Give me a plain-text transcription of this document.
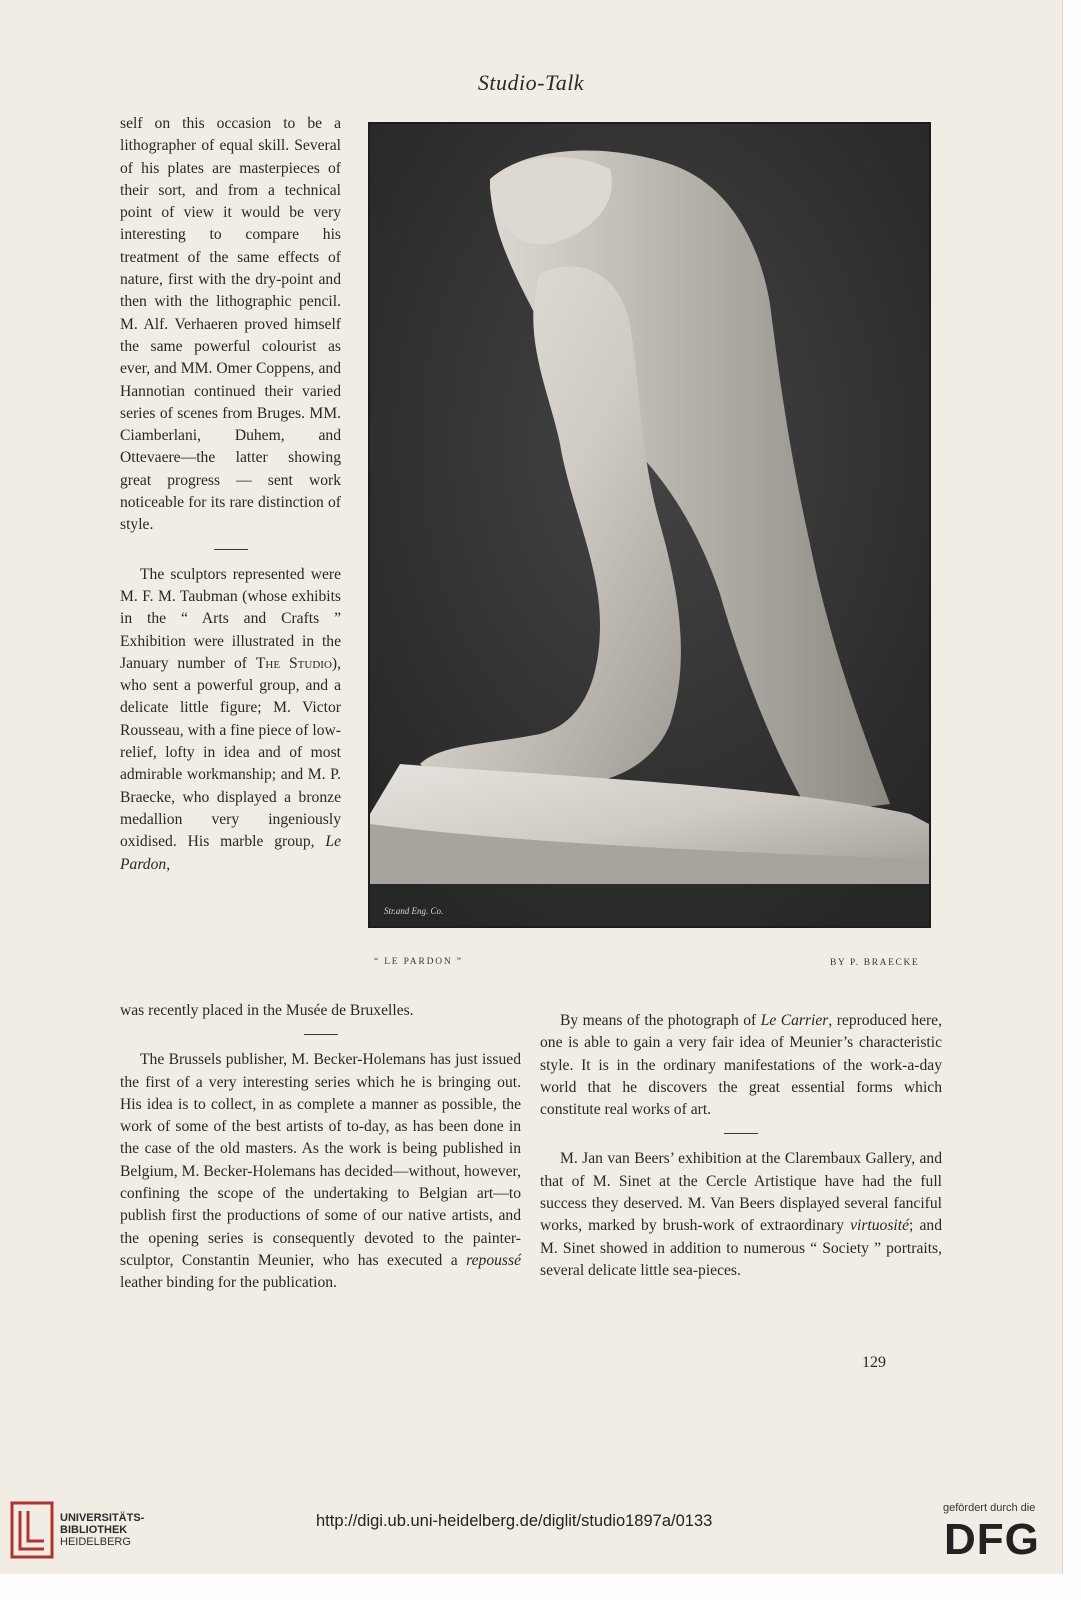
Studio-Talk

self on this occasion to be a lithographer of equal skill. Several of his plates are masterpieces of their sort, and from a technical point of view it would be very interesting to compare his treatment of the same effects of nature, first with the dry-point and then with the lithographic pencil. M. Alf. Verhaeren proved himself the same powerful colourist as ever, and MM. Omer Coppens, and Hannotian continued their varied series of scenes from Bruges. MM. Ciamberlani, Duhem, and Ottevaere—the latter showing great progress — sent work noticeable for its rare distinction of style.

The sculptors represented were M. F. M. Taubman (whose exhibits in the “ Arts and Crafts ” Exhibition were illustrated in the January number of The Studio), who sent a powerful group, and a delicate little figure; M. Victor Rousseau, with a fine piece of low-relief, lofty in idea and of most admirable workmanship; and M. P. Braecke, who displayed a bronze medallion very ingeniously oxidised. His marble group, Le Pardon,

Str.and Eng. Co.
“ LE PARDON ”	BY P. BRAECKE

was recently placed in the Musée de Bruxelles.

The Brussels publisher, M. Becker-Holemans has just issued the first of a very interesting series which he is bringing out. His idea is to collect, in as complete a manner as possible, the work of some of the best artists of to-day, as has been done in the case of the old masters. As the work is being published in Belgium, M. Becker-Holemans has decided—without, however, confining the scope of the undertaking to Belgian art—to publish first the productions of some of our native artists, and the opening series is consequently devoted to the painter-sculptor, Constantin Meunier, who has executed a repoussé leather binding for the publication.

By means of the photograph of Le Carrier, reproduced here, one is able to gain a very fair idea of Meunier’s characteristic style. It is in the ordinary manifestations of the work-a-day world that he discovers the great essential forms which constitute real works of art.

M. Jan van Beers’ exhibition at the Clarembaux Gallery, and that of M. Sinet at the Cercle Artistique have had the full success they deserved. M. Van Beers displayed several fanciful works, marked by brush-work of extraordinary virtuosité; and M. Sinet showed in addition to numerous “ Society ” portraits, several delicate little sea-pieces.

129
UNIVERSITÄTS-
BIBLIOTHEK
HEIDELBERG
http://digi.ub.uni-heidelberg.de/diglit/studio1897a/0133
gefördert durch die
DFG
